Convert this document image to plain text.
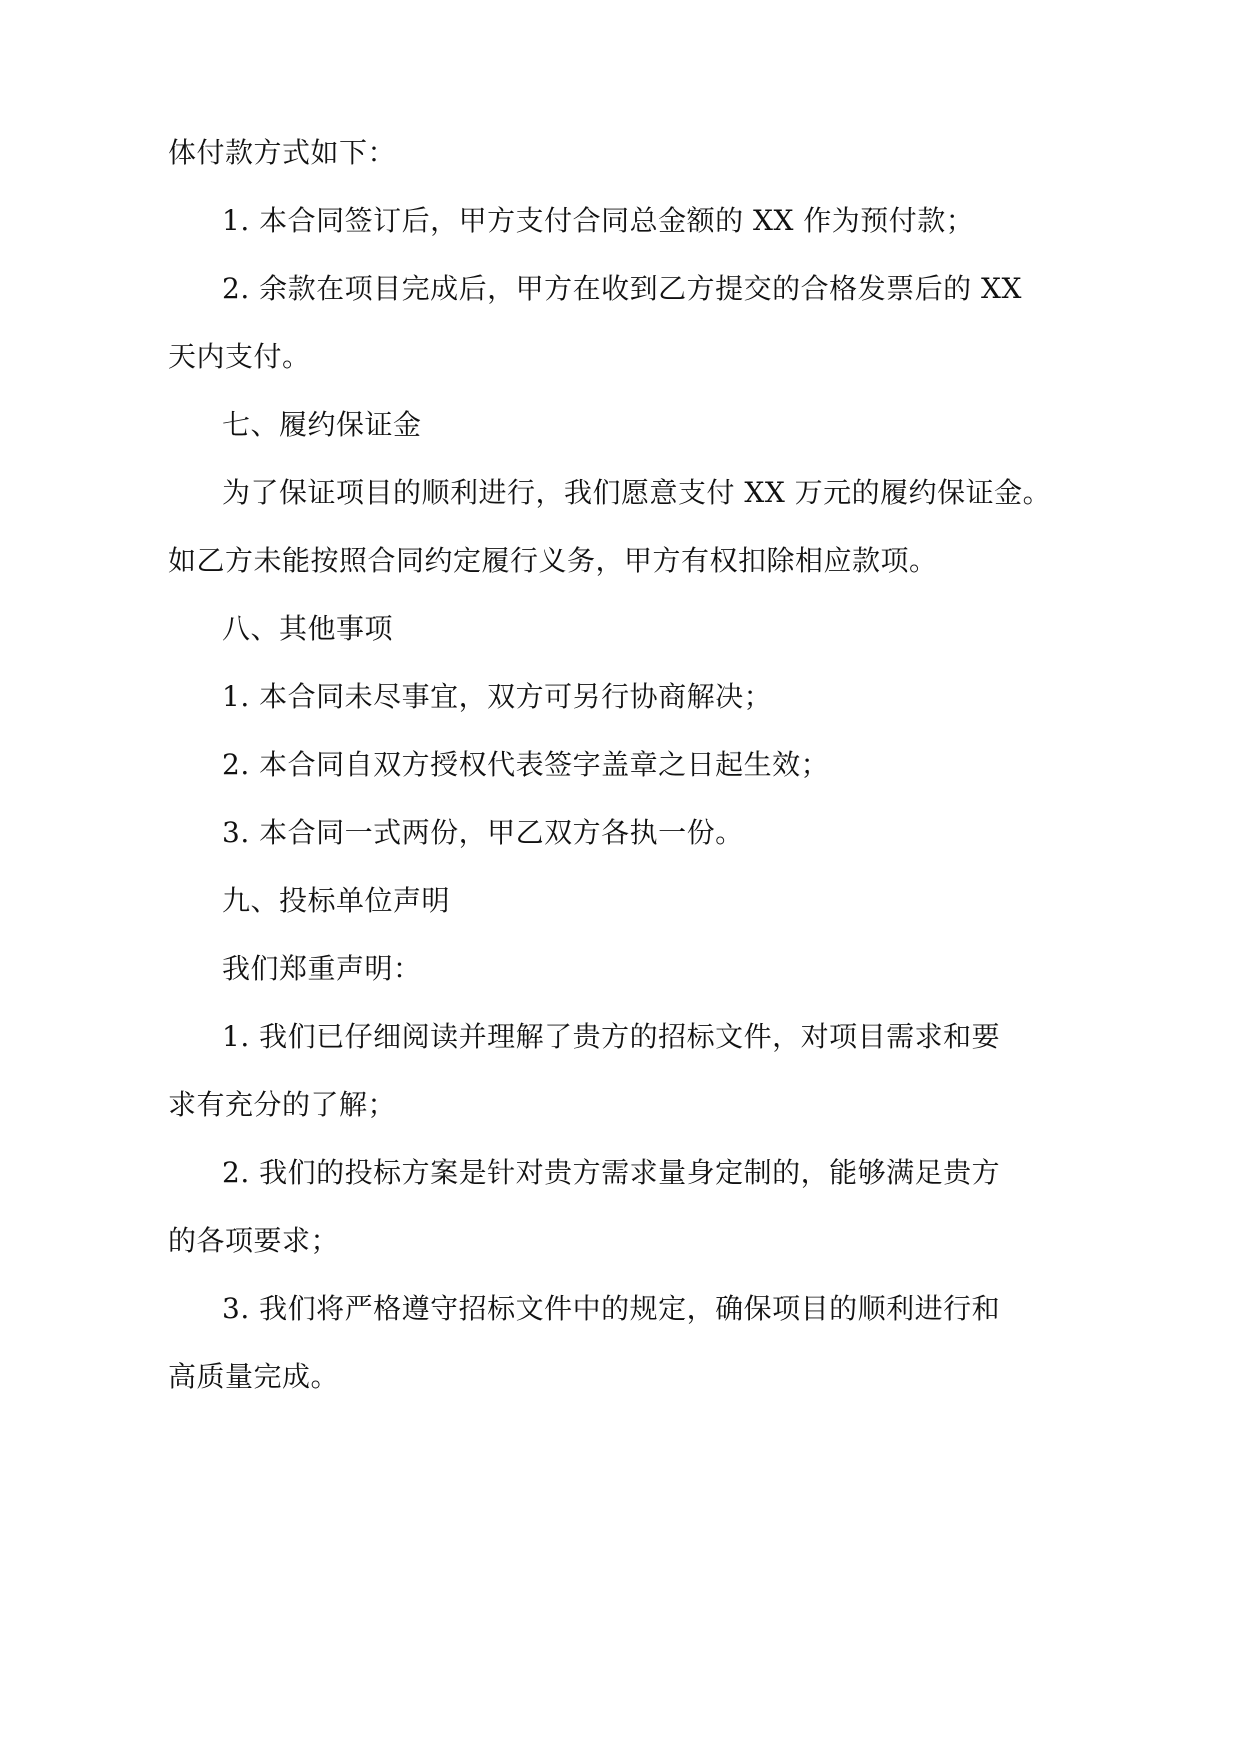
体付款方式如下：
1. 本合同签订后，甲方支付合同总金额的 XX 作为预付款；
2. 余款在项目完成后，甲方在收到乙方提交的合格发票后的 XX
天内支付。
七、履约保证金
为了保证项目的顺利进行，我们愿意支付 XX 万元的履约保证金。
如乙方未能按照合同约定履行义务，甲方有权扣除相应款项。
八、其他事项
1. 本合同未尽事宜，双方可另行协商解决；
2. 本合同自双方授权代表签字盖章之日起生效；
3. 本合同一式两份，甲乙双方各执一份。
九、投标单位声明
我们郑重声明：
1. 我们已仔细阅读并理解了贵方的招标文件，对项目需求和要
求有充分的了解；
2. 我们的投标方案是针对贵方需求量身定制的，能够满足贵方
的各项要求；
3. 我们将严格遵守招标文件中的规定，确保项目的顺利进行和
高质量完成。
